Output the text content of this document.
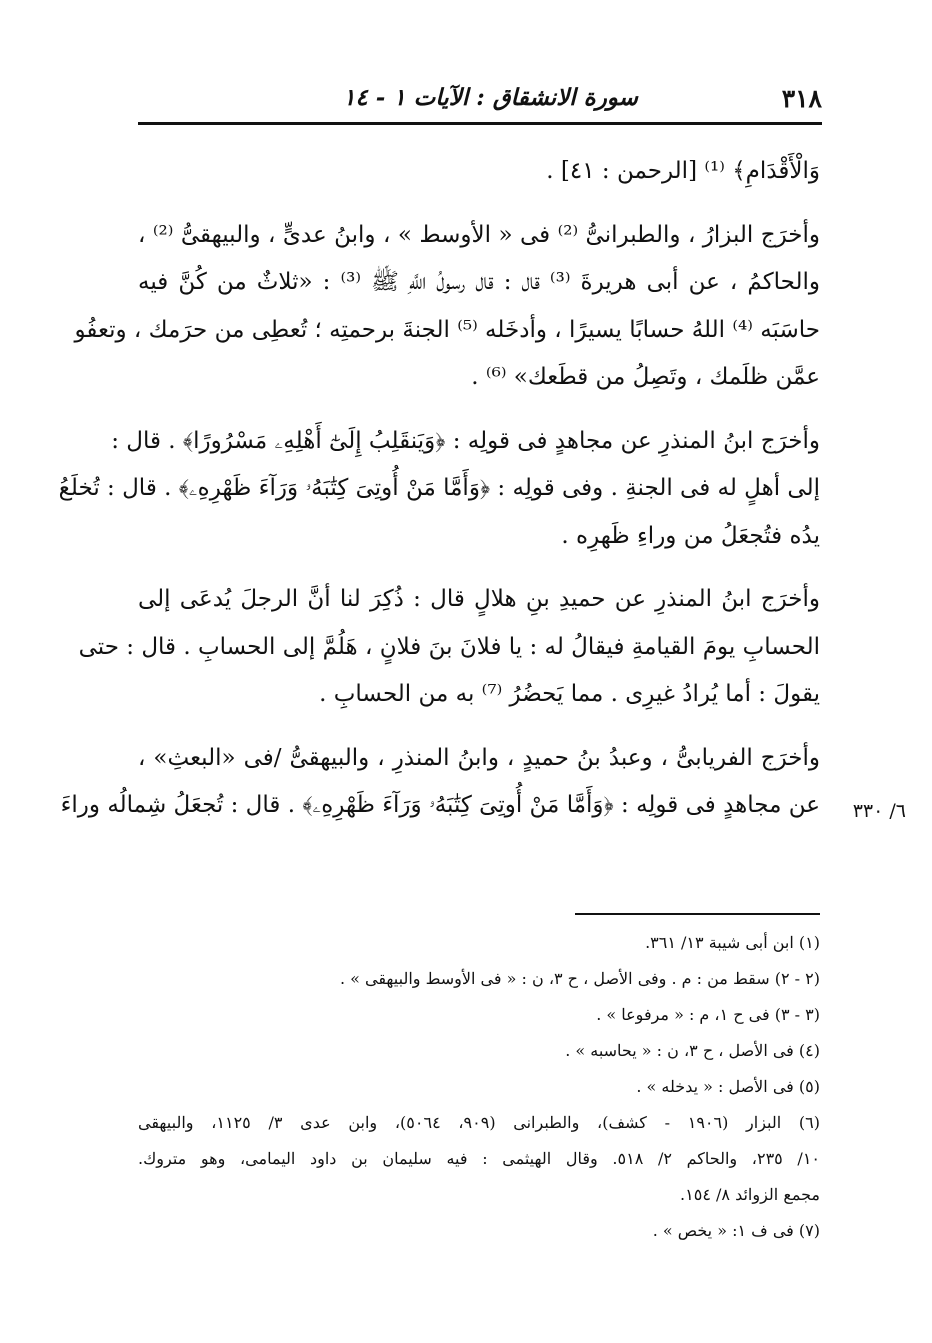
٣١٨
سورة الانشقاق : الآيات ١ - ١٤
وَالْأَقْدَامِ﴾ ⁽¹⁾ [الرحمن : ٤١] .
وأخرَج البزارُ ، والطبرانىُّ ⁽²⁾ فى « الأوسط » ، وابنُ عدىٍّ ، والبيهقىُّ ⁽²⁾ ،
والحاكمُ ، عن أبى هريرةَ ⁽³⁾ قال : قال رسولُ اللَّهِ ﷺ ⁽³⁾ : «ثلاثٌ من كُنَّ فيه
حاسَبَه ⁽⁴⁾ اللهُ حسابًا يسيرًا ، وأدخَله ⁽⁵⁾ الجنةَ برحمتِه ؛ تُعطِى من حرَمك ، وتعفُو
عمَّن ظلَمك ، وتَصِلُ من قطَعك» ⁽⁶⁾ .
وأخرَج ابنُ المنذرِ عن مجاهدٍ فى قولِه : ﴿وَيَنقَلِبُ إِلَىٰٓ أَهْلِهِۦ مَسْرُورًا﴾ . قال :
إلى أهلٍ له فى الجنةِ . وفى قولِه : ﴿وَأَمَّا مَنْ أُوتِىَ كِتَٰبَهُۥ وَرَآءَ ظَهْرِهِۦ﴾ . قال : تُخلَعُ
يدُه فتُجعَلُ من وراءِ ظَهرِه .
وأخرَج ابنُ المنذرِ عن حميدِ بنِ هلالٍ قال : ذُكِرَ لنا أنَّ الرجلَ يُدعَى إلى
الحسابِ يومَ القيامةِ فيقالُ له : يا فلانَ بنَ فلانٍ ، هَلُمَّ إلى الحسابِ . قال : حتى
يقولَ : أما يُرادُ غيرِى . مما يَحضُرُ ⁽⁷⁾ به من الحسابِ .
وأخرَج الفريابىُّ ، وعبدُ بنُ حميدٍ ، وابنُ المنذرِ ، والبيهقىُّ /فى «البعثِ» ،
عن مجاهدٍ فى قولِه : ﴿وَأَمَّا مَنْ أُوتِىَ كِتَٰبَهُۥ وَرَآءَ ظَهْرِهِۦ﴾ . قال : تُجعَلُ شِمالُه وراءَ	٦/ ٣٣٠
(١) ابن أبى شيبة ١٣/ ٣٦١.
(٢ - ٢) سقط من : م . وفى الأصل ، ح ٣، ن : « فى الأوسط والبيهقى » .
(٣ - ٣) فى ح ١، م : « مرفوعا » .
(٤) فى الأصل ، ح ٣، ن : « يحاسبه » .
(٥) فى الأصل : « يدخله » .
(٦) البزار (١٩٠٦ - كشف)، والطبرانى (٩٠٩، ٥٠٦٤)، وابن عدى ٣/ ١١٢٥، والبيهقى
١٠/ ٢٣٥، والحاكم ٢/ ٥١٨. وقال الهيثمى : فيه سليمان بن داود اليمامى، وهو متروك.
مجمع الزوائد ٨/ ١٥٤.
(٧) فى ف ١: « يخص » .
